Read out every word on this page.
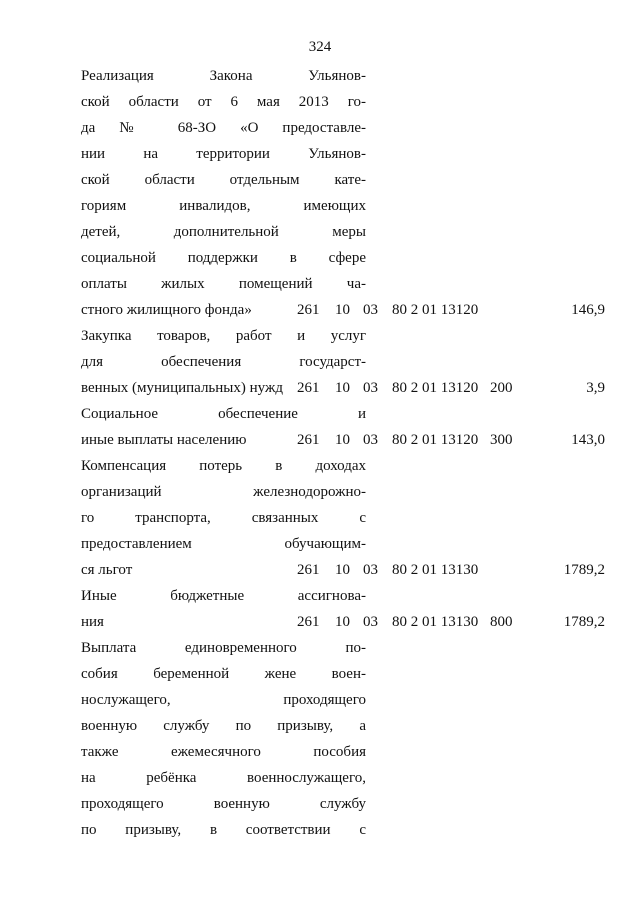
324
Реализация Закона Ульянов-
ской области от 6 мая 2013 го-
да № 68-ЗО «О предоставле-
нии на территории Ульянов-
ской области отдельным кате-
гориям инвалидов, имеющих
детей, дополнительной меры
социальной поддержки в сфере
оплаты жилых помещений ча-
стного жилищного фонда»	261 10 03 80 2 01 13120	146,9
Закупка товаров, работ и услуг
для обеспечения государст-
венных (муниципальных) нужд 261 10 03 80 2 01 13120 200	3,9
Социальное обеспечение и
иные выплаты населению	261 10 03 80 2 01 13120 300	143,0
Компенсация потерь в доходах
организаций железнодорожно-
го транспорта, связанных с
предоставлением обучающим-
ся льгот	261 10 03 80 2 01 13130	1789,2
Иные бюджетные ассигнова-
ния	261 10 03 80 2 01 13130 800	1789,2
Выплата единовременного по-
собия беременной жене воен-
нослужащего, проходящего
военную службу по призыву, а
также ежемесячного пособия
на ребёнка военнослужащего,
проходящего военную службу
по призыву, в соответствии с
